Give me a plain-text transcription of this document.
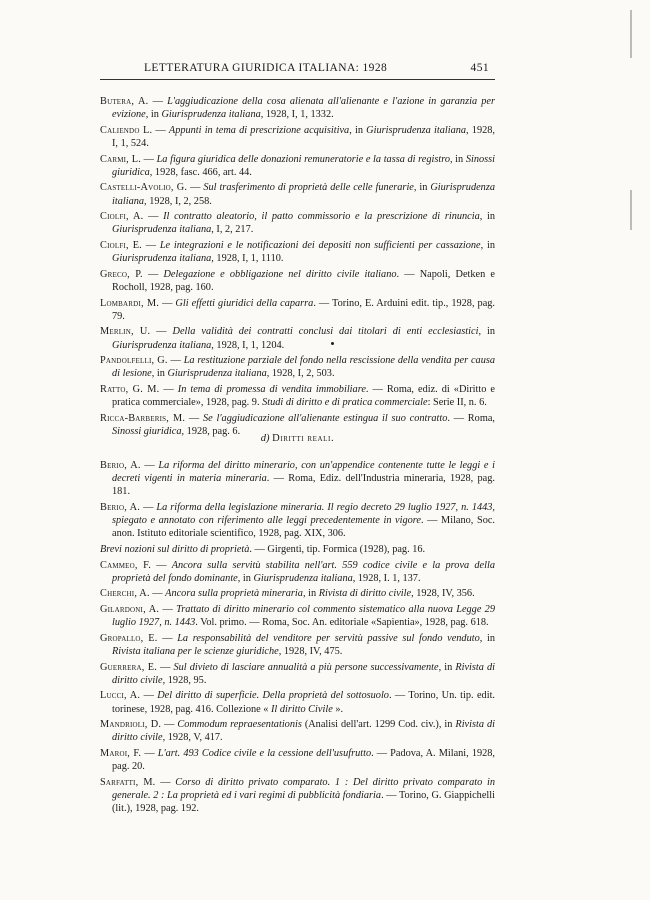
LETTERATURA GIURIDICA ITALIANA: 1928	451

Butera, A. — L'aggiudicazione della cosa alienata all'alienante e l'azione in garanzia per evizione, in Giurisprudenza italiana, 1928, I, 1, 1332.

Caliendo L. — Appunti in tema di prescrizione acquisitiva, in Giurisprudenza italiana, 1928, I, 1, 524.

Carmi, L. — La figura giuridica delle donazioni remuneratorie e la tassa di registro, in Sinossi giuridica, 1928, fasc. 466, art. 44.

Castelli-Avolio, G. — Sul trasferimento di proprietà delle celle funerarie, in Giurisprudenza italiana, 1928, I, 2, 258.

Ciolfi, A. — Il contratto aleatorio, il patto commissorio e la prescrizione di rinuncia, in Giurisprudenza italiana, I, 2, 217.

Ciolfi, E. — Le integrazioni e le notificazioni dei depositi non sufficienti per cassazione, in Giurisprudenza italiana, 1928, I, 1, 1110.

Greco, P. — Delegazione e obbligazione nel diritto civile italiano. — Napoli, Detken e Rocholl, 1928, pag. 160.

Lombardi, M. — Gli effetti giuridici della caparra. — Torino, E. Arduini edit. tip., 1928, pag. 79.

Merlin, U. — Della validità dei contratti conclusi dai titolari di enti ecclesiastici, in Giurisprudenza italiana, 1928, I, 1, 1204.

Pandolfelli, G. — La restituzione parziale del fondo nella rescissione della vendita per causa di lesione, in Giurisprudenza italiana, 1928, I, 2, 503.

Ratto, G. M. — In tema di promessa di vendita immobiliare. — Roma, ediz. di «Diritto e pratica commerciale», 1928, pag. 9. Studi di diritto e di pratica commerciale: Serie II, n. 6.

Ricca-Barberis, M. — Se l'aggiudicazione all'alienante estingua il suo contratto. — Roma, Sinossi giuridica, 1928, pag. 6.

d) Diritti reali.

Berio, A. — La riforma del diritto minerario, con un'appendice contenente tutte le leggi e i decreti vigenti in materia mineraria. — Roma, Ediz. dell'Industria mineraria, 1928, pag. 181.

Berio, A. — La riforma della legislazione mineraria. Il regio decreto 29 luglio 1927, n. 1443, spiegato e annotato con riferimento alle leggi precedentemente in vigore. — Milano, Soc. anon. Istituto editoriale scientifico, 1928, pag. XIX, 306.

Brevi nozioni sul diritto di proprietà. — Girgenti, tip. Formica (1928), pag. 16.

Cammeo, F. — Ancora sulla servitù stabilita nell'art. 559 codice civile e la prova della proprietà del fondo dominante, in Giurisprudenza italiana, 1928, I. 1, 137.

Cherchi, A. — Ancora sulla proprietà mineraria, in Rivista di diritto civile, 1928, IV, 356.

Gilardoni, A. — Trattato di diritto minerario col commento sistematico alla nuova Legge 29 luglio 1927, n. 1443. Vol. primo. — Roma, Soc. An. editoriale «Sapientia», 1928, pag. 618.

Gropallo, E. — La responsabilità del venditore per servitù passive sul fondo venduto, in Rivista italiana per le scienze giuridiche, 1928, IV, 475.

Guerrera, E. — Sul divieto di lasciare annualità a più persone successivamente, in Rivista di diritto civile, 1928, 95.

Lucci, A. — Del diritto di superficie. Della proprietà del sottosuolo. — Torino, Un. tip. edit. torinese, 1928, pag. 416. Collezione « Il diritto Civile ».

Mandrioli, D. — Commodum repraesentationis (Analisi dell'art. 1299 Cod. civ.), in Rivista di diritto civile, 1928, V, 417.

Maroi, F. — L'art. 493 Codice civile e la cessione dell'usufrutto. — Padova, A. Milani, 1928, pag. 20.

Sarfatti, M. — Corso di diritto privato comparato. 1 : Del diritto privato comparato in generale. 2 : La proprietà ed i vari regimi di pubblicità fondiaria. — Torino, G. Giappichelli (lit.), 1928, pag. 192.
